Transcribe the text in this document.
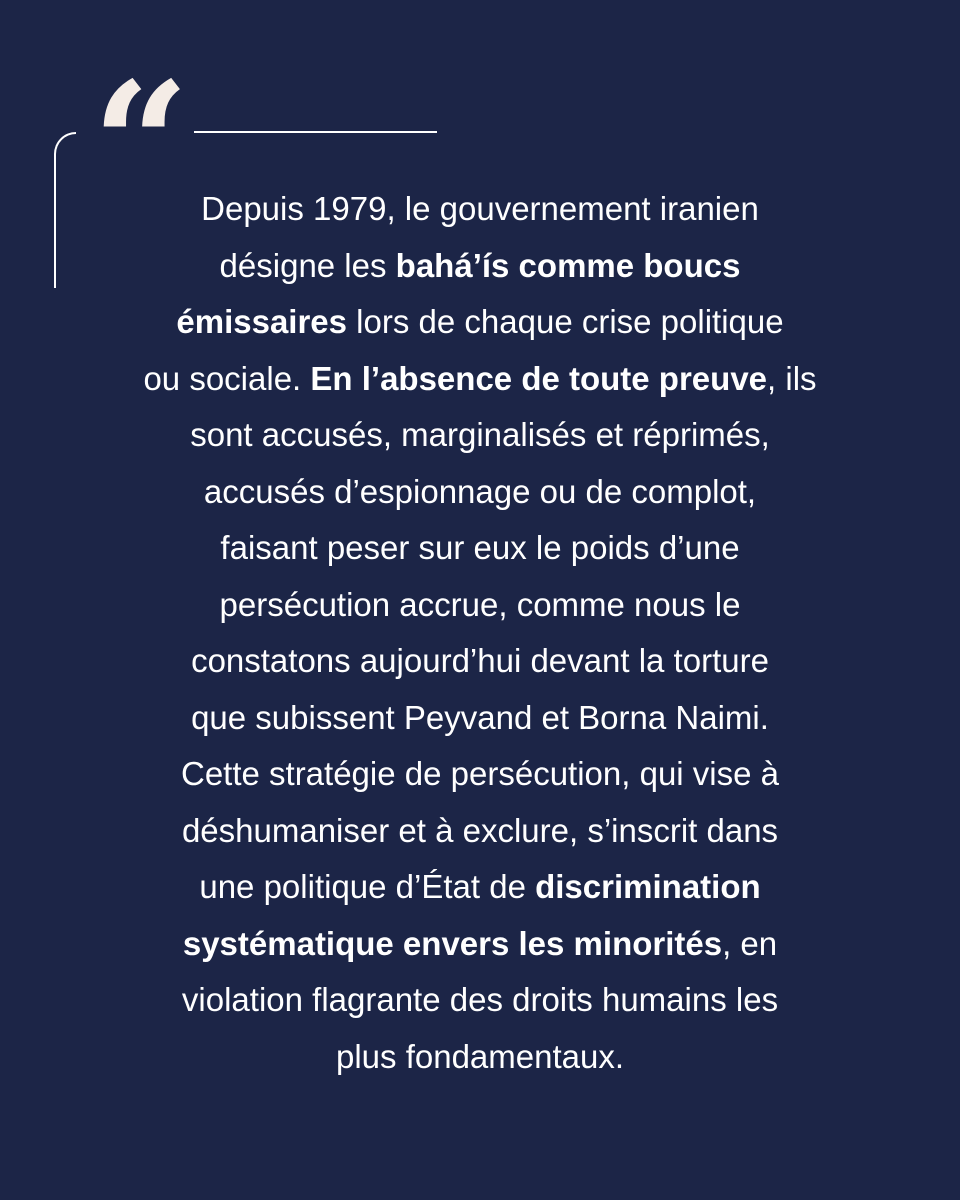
“ Depuis 1979, le gouvernement iranien
désigne les bahá’ís comme boucs
émissaires lors de chaque crise politique
ou sociale. En l’absence de toute preuve, ils
sont accusés, marginalisés et réprimés,
accusés d’espionnage ou de complot,
faisant peser sur eux le poids d’une
persécution accrue, comme nous le
constatons aujourd’hui devant la torture
que subissent Peyvand et Borna Naimi.
Cette stratégie de persécution, qui vise à
déshumaniser et à exclure, s’inscrit dans
une politique d’État de discrimination
systématique envers les minorités, en
violation flagrante des droits humains les
plus fondamentaux.
